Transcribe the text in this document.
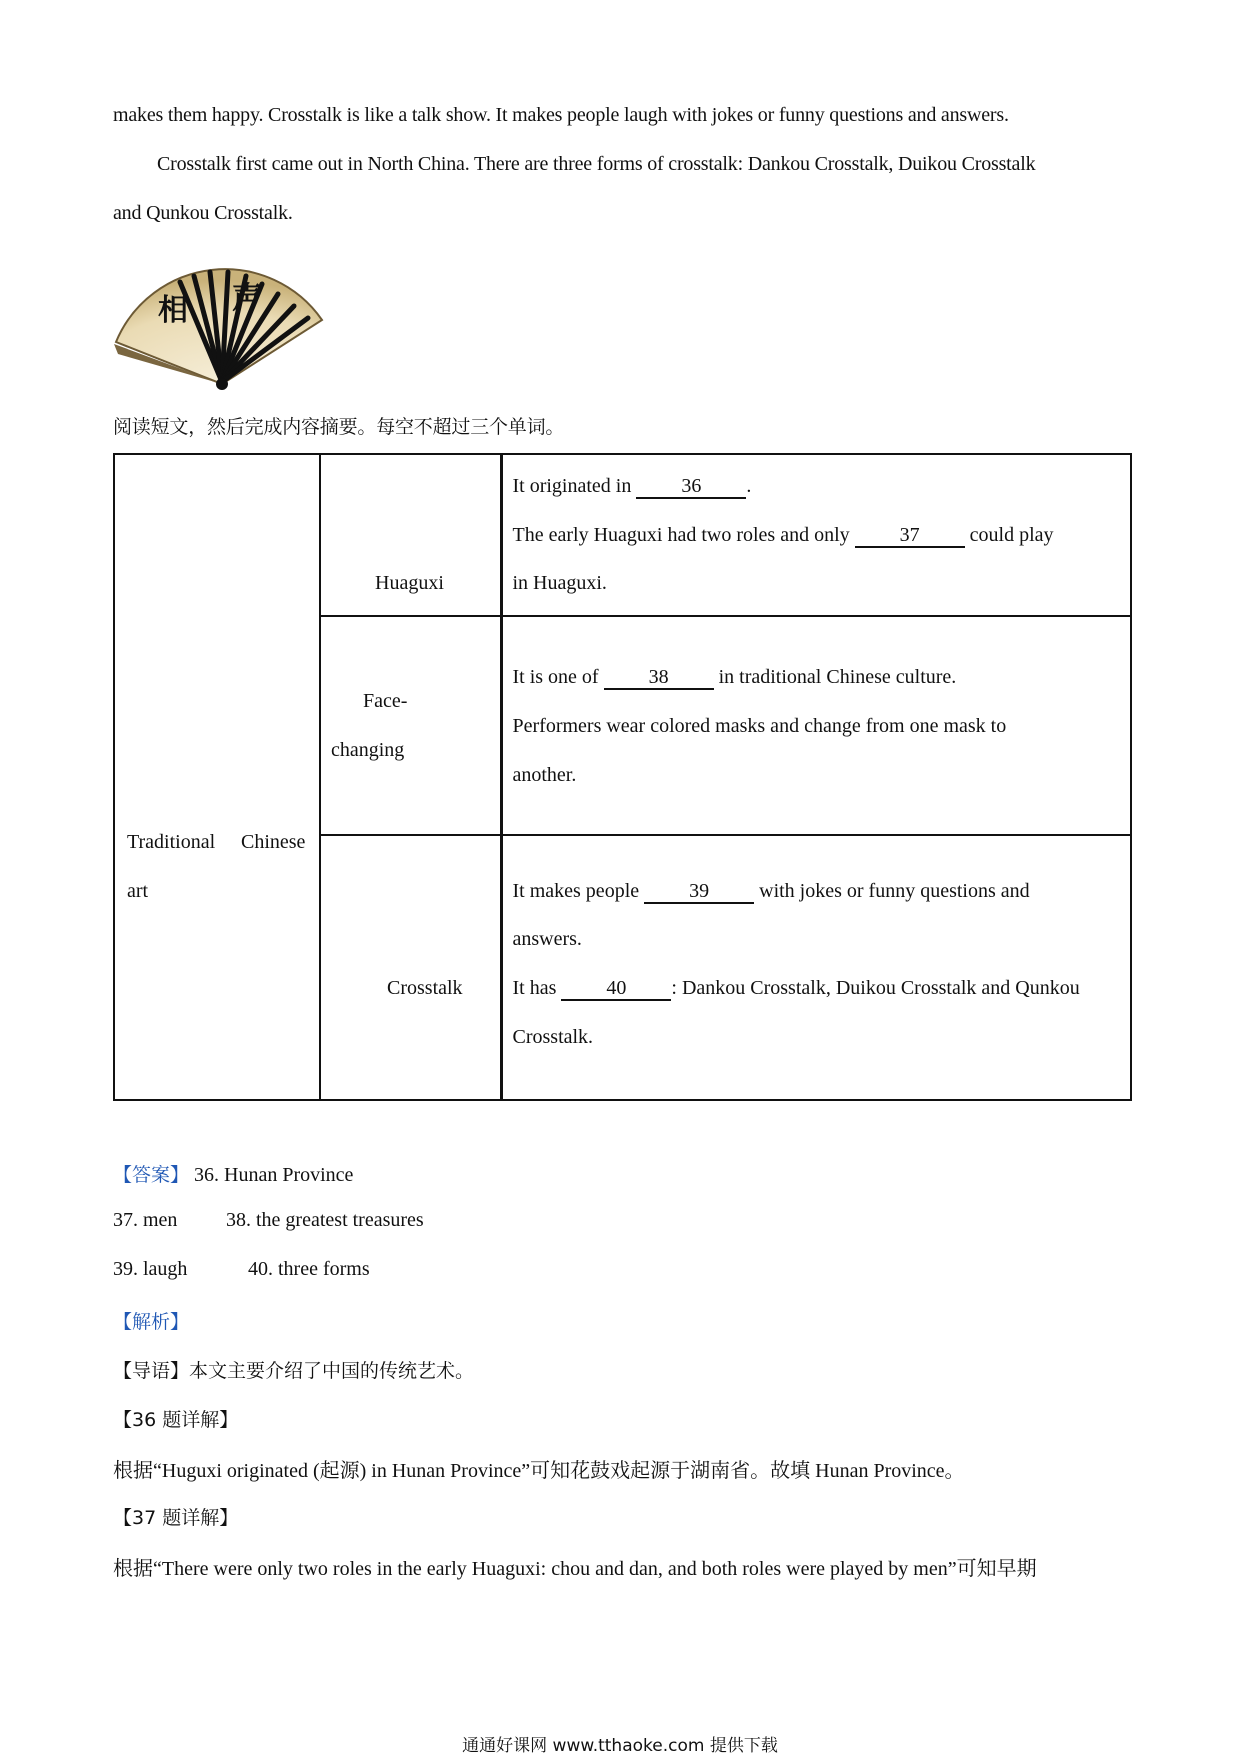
makes them happy. Crosstalk is like a talk show. It makes people laugh with jokes or funny questions and answers.
Crosstalk first came out in North China. There are three forms of crosstalk: Dankou Crosstalk, Duikou Crosstalk
and Qunkou Crosstalk.
相 声
阅读短文，然后完成内容摘要。每空不超过三个单词。
Traditional Chinese
art	Huaguxi	It originated in 36 .
The early Huaguxi had two roles and only 37 could play
in Huaguxi.

	Face-
changing	It is one of 38 in traditional Chinese culture.
Performers wear colored masks and change from one mask to
another.

	Crosstalk	It makes people 39 with jokes or funny questions and
answers.
It has 40 : Dankou Crosstalk, Duikou Crosstalk and Qunkou
Crosstalk.
【答案】 36. Hunan Province
37. men 38. the greatest treasures
39. laugh	40. three forms
【解析】
【导语】本文主要介绍了中国的传统艺术。
【36 题详解】
根据“Huguxi originated (起源) in Hunan Province”可知花鼓戏起源于湖南省。故填 Hunan Province。
【37 题详解】
根据“There were only two roles in the early Huaguxi: chou and dan, and both roles were played by men”可知早期
通通好课网 www.tthaoke.com 提供下载
